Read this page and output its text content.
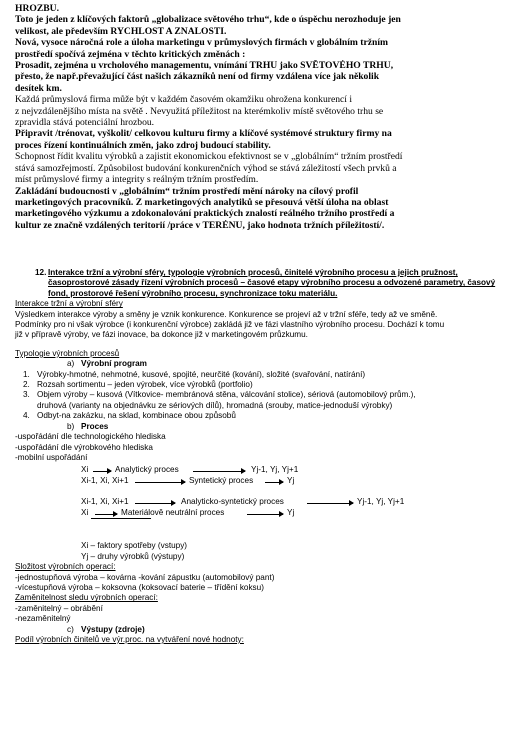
HROZBU.
Toto je jeden z klíčových faktorů „globalizace světového trhu“, kde o úspěchu nerozhoduje jen
velikost, ale především RYCHLOST A ZNALOSTI.
Nová, vysoce náročná role a úloha marketingu v průmyslových firmách v globálním tržním
prostředí spočívá zejména v těchto kritických změnách :
Prosadit, zejména u vrcholového managementu, vnímání TRHU jako SVĚTOVÉHO TRHU,
přesto, že např.převažující část našich zákazníků není od firmy vzdálena více jak několik
desítek km.
Každá průmyslová firma může být v každém časovém okamžiku ohrožena konkurencí i
z nejvzdálenějšího místa na světě . Nevyužitá příležitost na kterémkoliv místě světového trhu se
zpravidla stává potenciální hrozbou.
Připravit /trénovat, vyškolit/ celkovou kulturu firmy a klíčové systémové struktury firmy na
proces řízení kontinuálních změn, jako zdroj budoucí stability.
Schopnost řídit kvalitu výrobků a zajistit ekonomickou efektivnost se v „globálním“ tržním prostředí
stává samozřejmostí. Způsobilost budování konkurenčních výhod se stává záležitostí všech prvků a
míst průmyslové firmy a integrity s reálným tržním prostředím.
Zakládání budoucnosti v „globálním“ tržním prostředí mění nároky na cílový profil
marketingových pracovníků. Z marketingových analytiků se přesouvá větší úloha na oblast
marketingového výzkumu a zdokonalování praktických znalostí reálného tržního prostředí a
kultur ze značně vzdálených teritorií /práce v TERÉNU, jako hodnota tržních příležitostí/.
12. Interakce tržní a výrobní sféry, typologie výrobních procesů, činitelé výrobního procesu a jejich pružnost, časoprostorové zásady řízení výrobních procesů – časové etapy výrobního procesu a odvozené parametry, časový fond, prostorové řešení výrobního procesu, synchronizace toku materiálu.
Interakce tržní a výrobní sféry
Výsledkem interakce výroby a směny je vznik konkurence. Konkurence se projeví až v tržní sféře, tedy až ve směně.
Podmínky pro ni však výrobce (i konkurenční výrobce) zakládá již ve fázi vlastního výrobního procesu. Dochází k tomu
již v přípravě výroby, ve fázi inovace, ba dokonce již v marketingovém průzkumu.
Typologie výrobních procesů
a) Výrobní program
1. Výrobky-hmotné, nehmotné, kusové, spojité, neurčité (kování), složité (svařování, natírání)
2. Rozsah sortimentu – jeden výrobek, více výrobků (portfolio)
3. Objem výroby – kusová (Vítkovice- membránová stěna, válcování stolice), sériová (automobilový prům.),
druhová (varianty na objednávku ze sériových dílů), hromadná (srouby, matice-jednoduší výrobky)
4. Odbyt-na zakázku, na sklad, kombinace obou způsobů
b) Proces
-uspořádání dle technologického hlediska
-uspořádání dle výrobkového hlediska
-mobilní uspořádání
Xi	Analytický proces	Yj-1, Yj, Yj+1
Xi-1, Xi, Xi+1	Syntetický proces	Yj
Xi-1, Xi, Xi+1	Analyticko-syntetický proces	Yj-1, Yj, Yj+1
Xi	Materiálově neutrální proces	Yj
Xi – faktory spotřeby (vstupy)
Yj – druhy výrobků (výstupy)
Složitost výrobních operací:
-jednostupňová výroba – kovárna -kování zápustku (automobilový pant)
-vícestupňová výroba – koksovna (koksovací baterie – třídění koksu)
Zaměnitelnost sledu výrobních operací:
-zaměnitelný – obrábění
-nezaměnitelný
c) Výstupy (zdroje)
Podíl výrobních činitelů ve výr.proc. na vytváření nové hodnoty:
